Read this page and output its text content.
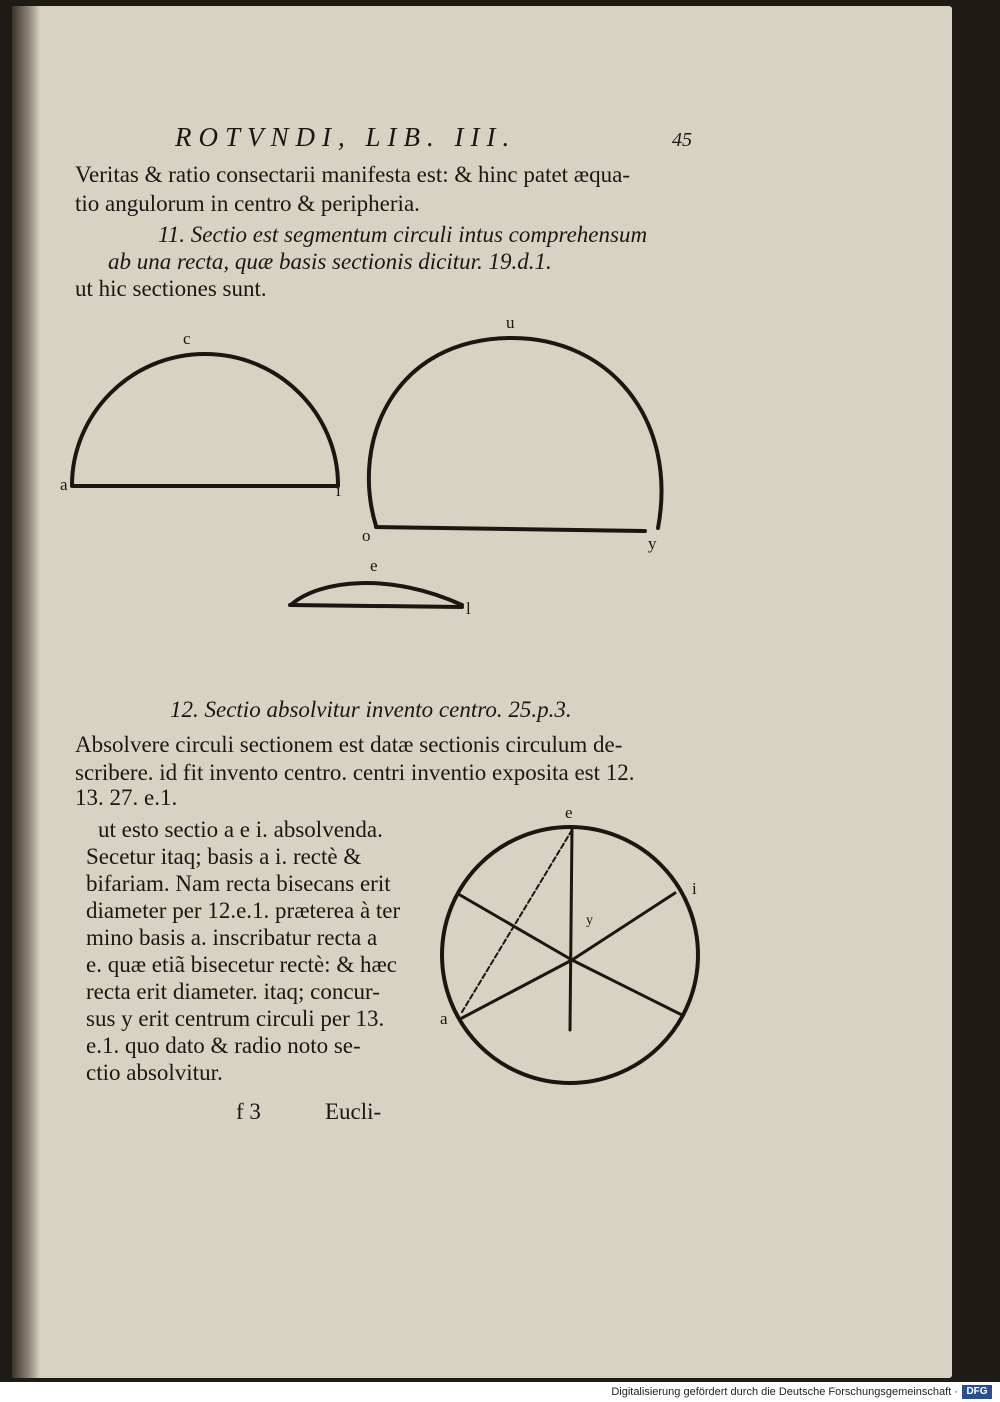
ROTVNDI, LIB. III.	45
Veritas & ratio consectarii manifesta est: & hinc patet æqua-
tio angulorum in centro & peripheria.
11. Sectio est segmentum circuli intus comprehensum
ab una recta, quæ basis sectionis dicitur. 19.d.1.
ut hic sectiones sunt.
c
a	i
u
o	y
e
l
e
i
y
a
12. Sectio absolvitur invento centro. 25.p.3.
Absolvere circuli sectionem est datæ sectionis circulum de-
scribere. id fit invento centro. centri inventio exposita est 12.
13. 27. e.1.
ut esto sectio a e i. absolvenda.
Secetur itaq; basis a i. rectè &
bifariam. Nam recta bisecans erit
diameter per 12.e.1. præterea à ter
mino basis a. inscribatur recta a
e. quæ etiã bisecetur rectè: & hæc
recta erit diameter. itaq; concur-
sus y erit centrum circuli per 13.
e.1. quo dato & radio noto se-
ctio absolvitur.
f 3	Eucli-
Digitalisierung gefördert durch die Deutsche Forschungsgemeinschaft · DFG
